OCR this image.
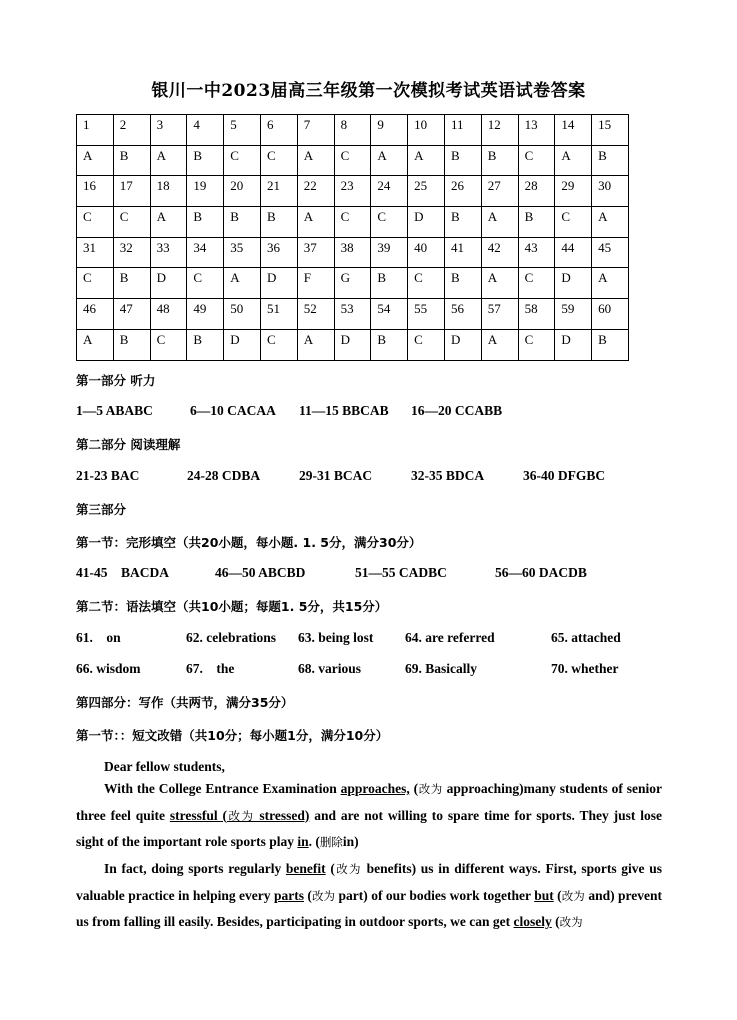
银川一中2023届高三年级第一次模拟考试英语试卷答案
1	2	3	4	5	6	7	8	9	10	11	12	13	14	15
A	B	A	B	C	C	A	C	A	A	B	B	C	A	B
16	17	18	19	20	21	22	23	24	25	26	27	28	29	30
C	C	A	B	B	B	A	C	C	D	B	A	B	C	A
31	32	33	34	35	36	37	38	39	40	41	42	43	44	45
C	B	D	C	A	D	F	G	B	C	B	A	C	D	A
46	47	48	49	50	51	52	53	54	55	56	57	58	59	60
A	B	C	B	D	C	A	D	B	C	D	A	C	D	B
第一部分 听力
1—5 ABABC	6—10 CACAA 11—15 BBCAB 16—20 CCABB
第二部分 阅读理解
21-23 BAC	24-28 CDBA	29-31 BCAC	32-35 BDCA	36-40 DFGBC
第三部分
第一节：完形填空（共20小题，每小题. 1. 5分，满分30分）
41-45    BACDA	46—50 ABCBD	51—55 CADBC	56—60 DACDB
第二节：语法填空（共10小题；每题1. 5分，共15分）
61.    on	62. celebrations 63. being lost 64. are referred	65. attached
66. wisdom	67.    the	68. various	69. Basically	70. whether
第四部分：写作（共两节，满分35分）
第一节：：短文改错（共10分；每小题1分，满分10分）
Dear fellow students,
With the College Entrance Examination approaches, (改为 approaching)many students of senior three feel quite stressful (改为 stressed) and are not willing to spare time for sports. They just lose sight of the important role sports play in. (删除in)
In fact, doing sports regularly benefit (改为 benefits) us in different ways. First, sports give us valuable practice in helping every parts (改为 part) of our bodies work together but (改为 and) prevent us from falling ill easily. Besides, participating in outdoor sports, we can get closely (改为
